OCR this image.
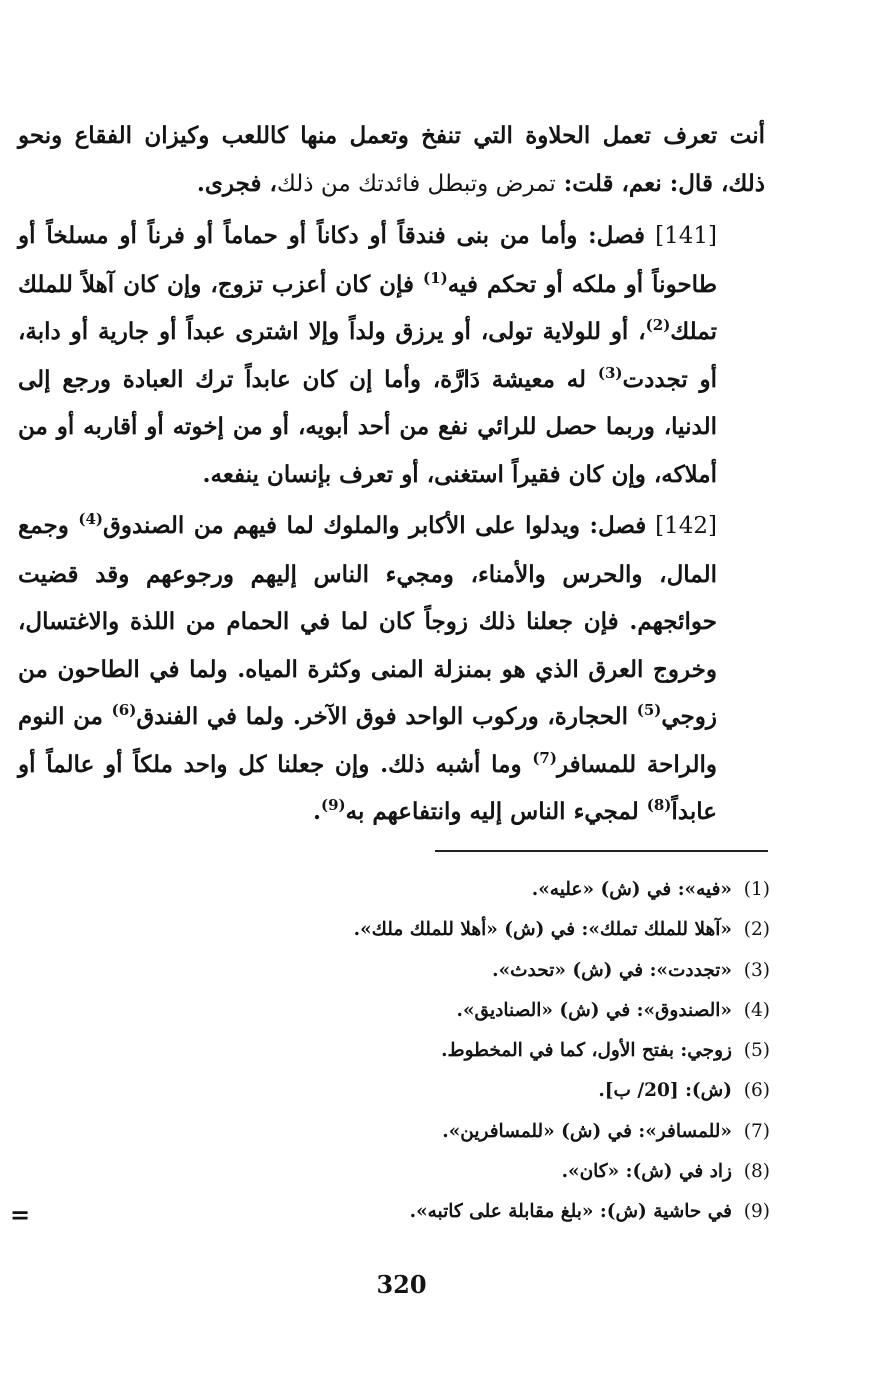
أنت تعرف تعمل الحلاوة التي تنفخ وتعمل منها كاللعب وكيزان الفقاع ونحو ذلك، قال: نعم، قلت: تمرض وتبطل فائدتك من ذلك، فجرى.

[141] فصل: وأما من بنى فندقاً أو دكاناً أو حماماً أو فرناً أو مسلخاً أو طاحوناً أو ملكه أو تحكم فيه$^{(1)}$ فإن كان أعزب تزوج، وإن كان آهلاً للملك تملك$^{(2)}$، أو للولاية تولى، أو يرزق ولداً وإلا اشترى عبداً أو جارية أو دابة، أو تجددت$^{(3)}$ له معيشة دَارَّة، وأما إن كان عابداً ترك العبادة ورجع إلى الدنيا، وربما حصل للرائي نفع من أحد أبويه، أو من إخوته أو أقاربه أو من أملاكه، وإن كان فقيراً استغنى، أو تعرف بإنسان ينفعه.

[142] فصل: ويدلوا على الأكابر والملوك لما فيهم من الصندوق$^{(4)}$ وجمع المال، والحرس والأمناء، ومجيء الناس إليهم ورجوعهم وقد قضيت حوائجهم. فإن جعلنا ذلك زوجاً كان لما في الحمام من اللذة والاغتسال، وخروج العرق الذي هو بمنزلة المنى وكثرة المياه. ولما في الطاحون من زوجي$^{(5)}$ الحجارة، وركوب الواحد فوق الآخر. ولما في الفندق$^{(6)}$ من النوم والراحة للمسافر$^{(7)}$ وما أشبه ذلك. وإن جعلنا كل واحد ملكاً أو عالماً أو عابداً$^{(8)}$ لمجيء الناس إليه وانتفاعهم به$^{(9)}$.

(1)«فيه»: في (ش) «عليه».
(2)«آهلا للملك تملك»: في (ش) «أهلا للملك ملك».
(3)«تجددت»: في (ش) «تحدث».
(4)«الصندوق»: في (ش) «الصناديق».
(5)زوجي: بفتح الأول، كما في المخطوط.
(6)(ش): [20/ ب].
(7)«للمسافر»: في (ش) «للمسافرين».
(8)زاد في (ش): «كان».
(9)في حاشية (ش): «بلغ مقابلة على كاتبه».
=
320
